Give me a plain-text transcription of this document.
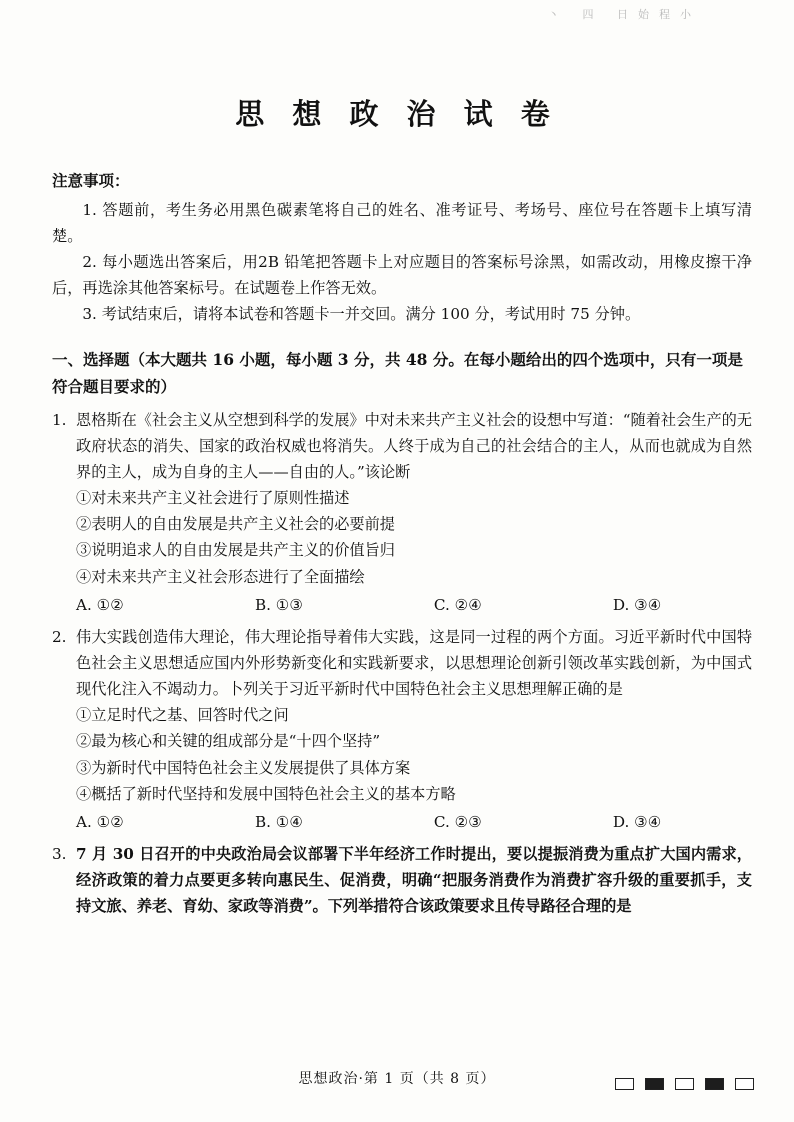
丶 四 日始程小
思 想 政 治 试 卷
注意事项：

1. 答题前，考生务必用黑色碳素笔将自己的姓名、准考证号、考场号、座位号在答题卡上填写清楚。

2. 每小题选出答案后，用2B 铅笔把答题卡上对应题目的答案标号涂黑，如需改动，用橡皮擦干净后，再选涂其他答案标号。在试题卷上作答无效。

3. 考试结束后，请将本试卷和答题卡一并交回。满分 100 分，考试用时 75 分钟。

一、选择题（本大题共 16 小题，每小题 3 分，共 48 分。在每小题给出的四个选项中，只有一项是符合题目要求的）
1. 恩格斯在《社会主义从空想到科学的发展》中对未来共产主义社会的设想中写道：“随着社会生产的无政府状态的消失、国家的政治权威也将消失。人终于成为自己的社会结合的主人，从而也就成为自然界的主人，成为自身的主人——自由的人。”该论断
①对未来共产主义社会进行了原则性描述
②表明人的自由发展是共产主义社会的必要前提
③说明追求人的自由发展是共产主义的价值旨归
④对未来共产主义社会形态进行了全面描绘
A. ①②	B. ①③	C. ②④	D. ③④
2. 伟大实践创造伟大理论，伟大理论指导着伟大实践，这是同一过程的两个方面。习近平新时代中国特色社会主义思想适应国内外形势新变化和实践新要求，以思想理论创新引领改革实践创新，为中国式现代化注入不竭动力。卜列关于习近平新时代中国特色社会主义思想理解正确的是
①立足时代之基、回答时代之问
②最为核心和关键的组成部分是“十四个坚持”
③为新时代中国特色社会主义发展提供了具体方案
④概括了新时代坚持和发展中国特色社会主义的基本方略
A. ①②	B. ①④	C. ②③	D. ③④
3. 7 月 30 日召开的中央政治局会议部署下半年经济工作时提出，要以提振消费为重点扩大国内需求，经济政策的着力点要更多转向惠民生、促消费，明确“把服务消费作为消费扩容升级的重要抓手，支持文旅、养老、育幼、家政等消费”。下列举措符合该政策要求且传导路径合理的是
思想政治·第 1 页（共 8 页）
